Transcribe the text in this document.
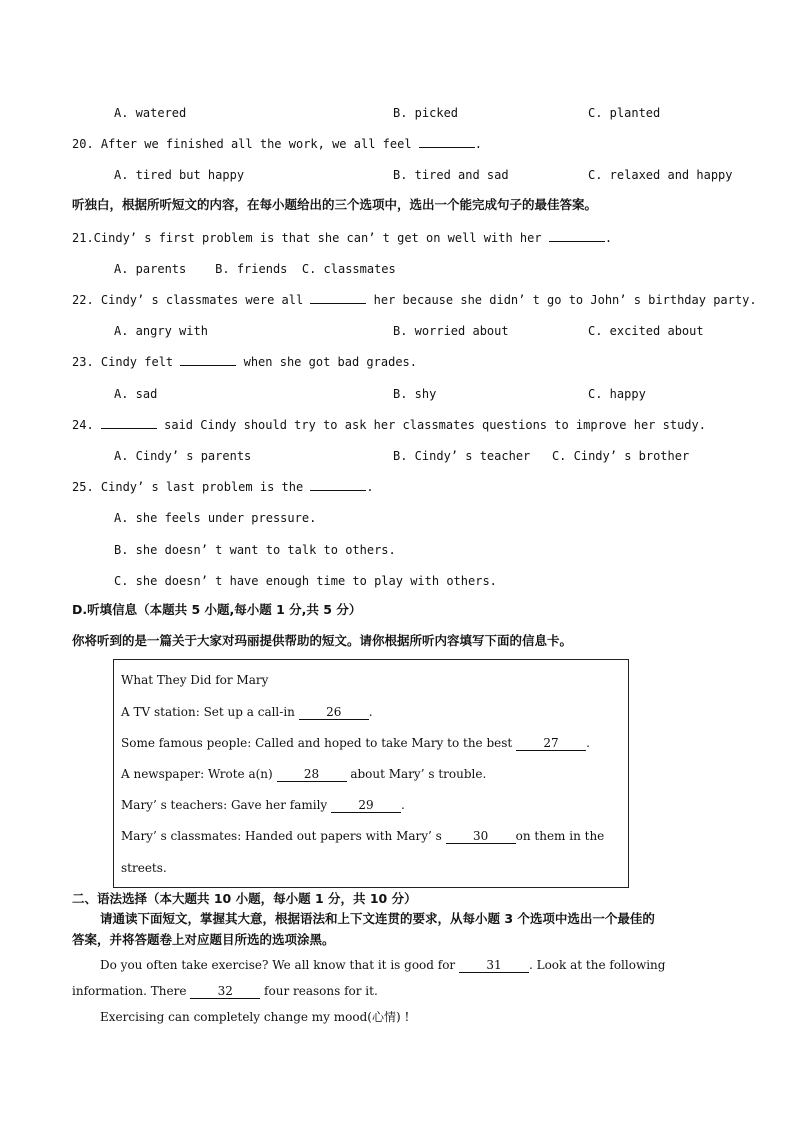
A. watered	B. picked	C. planted
20. After we finished all the work, we all feel	.
A. tired but happy	B. tired and sad	C. relaxed and happy
听独白，根据所听短文的内容，在每小题给出的三个选项中，选出一个能完成句子的最佳答案。
21.Cindy’ s first problem is that she can’ t get on well with her	.
A. parents    B. friends  C. classmates
22. Cindy’ s classmates were all	her because she didn’ t go to John’ s birthday party.
A. angry with	B. worried about	C. excited about
23. Cindy felt	when she got bad grades.
A. sad	B. shy	C. happy
24.	said Cindy should try to ask her classmates questions to improve her study.
A. Cindy’ s parents	B. Cindy’ s teacher   C. Cindy’ s brother
25. Cindy’ s last problem is the	.
A. she feels under pressure.
B. she doesn’ t want to talk to others.
C. she doesn’ t have enough time to play with others.
D.听填信息（本题共 5 小题,每小题 1 分,共 5 分）
你将听到的是一篇关于大家对玛丽提供帮助的短文。请你根据所听内容填写下面的信息卡。
What They Did for Mary
A TV station: Set up a call-in 26 .
Some famous people: Called and hoped to take Mary to the best 27 .
A newspaper: Wrote a(n) 28 about Mary’ s trouble.
Mary’ s teachers: Gave her family 29 .
Mary’ s classmates: Handed out papers with Mary’ s 30 on them in the
streets.
二、语法选择（本大题共 10 小题，每小题 1 分，共 10 分）
请通读下面短文，掌握其大意，根据语法和上下文连贯的要求，从每小题 3 个选项中选出一个最佳的
答案，并将答题卷上对应题目所选的选项涂黑。
Do you often take exercise? We all know that it is good for 31 . Look at the following
information. There 32 four reasons for it.
Exercising can completely change my mood(心情) !
